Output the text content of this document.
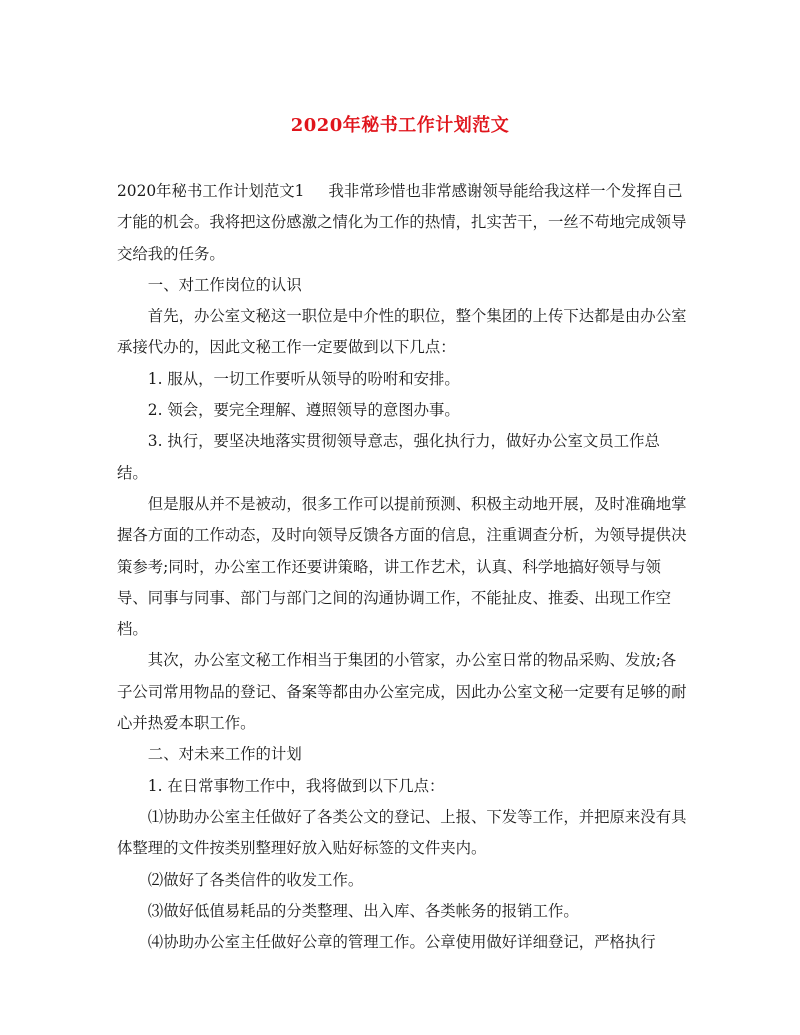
2020年秘书工作计划范文

2020年秘书工作计划范文1 我非常珍惜也非常感谢领导能给我这样一个发挥自己才能的机会。我将把这份感激之情化为工作的热情，扎实苦干，一丝不苟地完成领导交给我的任务。

一、对工作岗位的认识

首先，办公室文秘这一职位是中介性的职位，整个集团的上传下达都是由办公室承接代办的，因此文秘工作一定要做到以下几点：

1. 服从，一切工作要听从领导的吩咐和安排。

2. 领会，要完全理解、遵照领导的意图办事。

3. 执行，要坚决地落实贯彻领导意志，强化执行力，做好办公室文员工作总结。

但是服从并不是被动，很多工作可以提前预测、积极主动地开展，及时准确地掌握各方面的工作动态，及时向领导反馈各方面的信息，注重调查分析，为领导提供决策参考;同时，办公室工作还要讲策略，讲工作艺术，认真、科学地搞好领导与领导、同事与同事、部门与部门之间的沟通协调工作，不能扯皮、推委、出现工作空档。

其次，办公室文秘工作相当于集团的小管家，办公室日常的物品采购、发放;各子公司常用物品的登记、备案等都由办公室完成，因此办公室文秘一定要有足够的耐心并热爱本职工作。

二、对未来工作的计划

1. 在日常事物工作中，我将做到以下几点：

⑴协助办公室主任做好了各类公文的登记、上报、下发等工作，并把原来没有具体整理的文件按类别整理好放入贴好标签的文件夹内。

⑵做好了各类信件的收发工作。

⑶做好低值易耗品的分类整理、出入库、各类帐务的报销工作。

⑷协助办公室主任做好公章的管理工作。公章使用做好详细登记，严格执行
